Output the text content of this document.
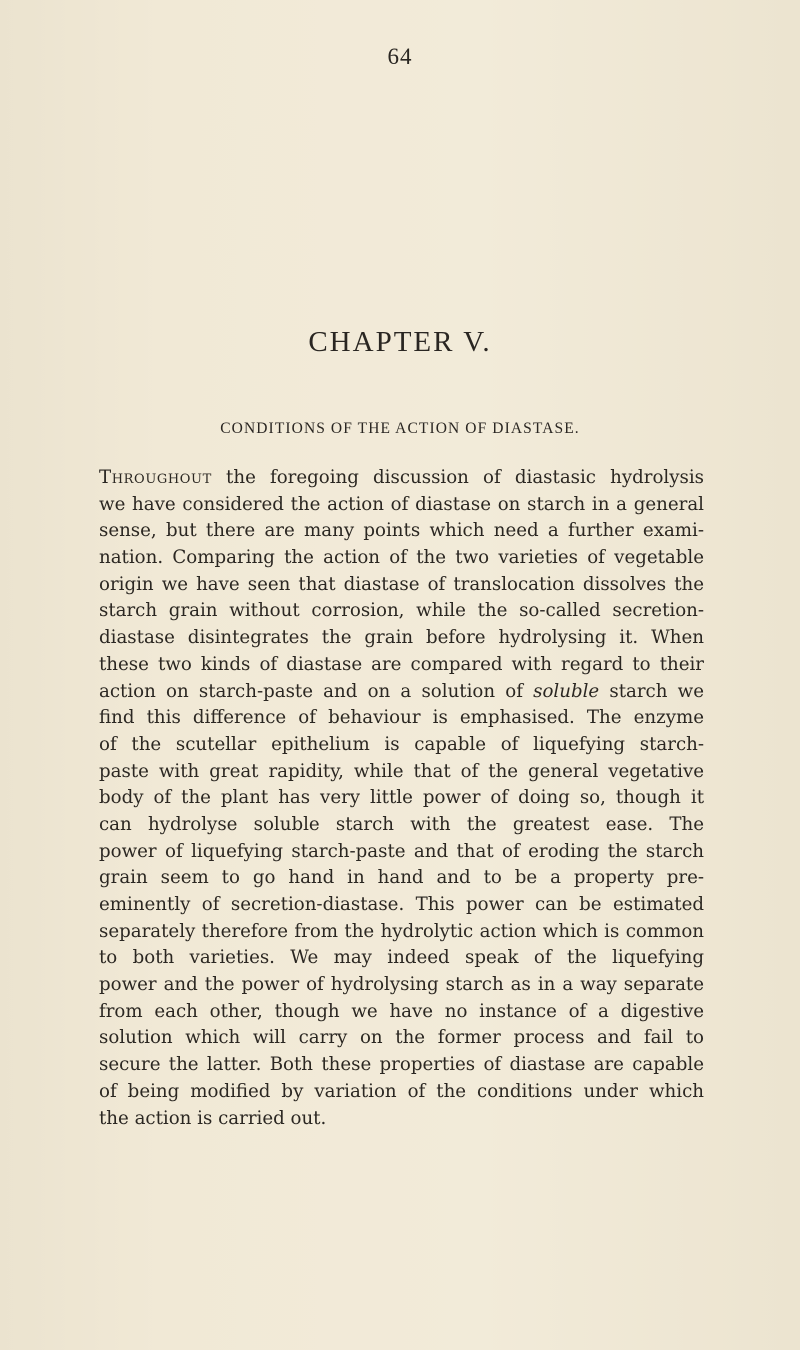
64
CHAPTER V.
CONDITIONS OF THE ACTION OF DIASTASE.
Throughout the foregoing discussion of diastasic hydrolysis
we have considered the action of diastase on starch in a general
sense, but there are many points which need a further exami-
nation. Comparing the action of the two varieties of vegetable
origin we have seen that diastase of translocation dissolves the
starch grain without corrosion, while the so-called secretion-
diastase disintegrates the grain before hydrolysing it. When
these two kinds of diastase are compared with regard to their
action on starch-paste and on a solution of soluble starch we
find this difference of behaviour is emphasised. The enzyme
of the scutellar epithelium is capable of liquefying starch-
paste with great rapidity, while that of the general vegetative
body of the plant has very little power of doing so, though it
can hydrolyse soluble starch with the greatest ease. The
power of liquefying starch-paste and that of eroding the starch
grain seem to go hand in hand and to be a property pre-
eminently of secretion-diastase. This power can be estimated
separately therefore from the hydrolytic action which is common
to both varieties. We may indeed speak of the liquefying
power and the power of hydrolysing starch as in a way separate
from each other, though we have no instance of a digestive
solution which will carry on the former process and fail to
secure the latter. Both these properties of diastase are capable
of being modified by variation of the conditions under which
the action is carried out.
